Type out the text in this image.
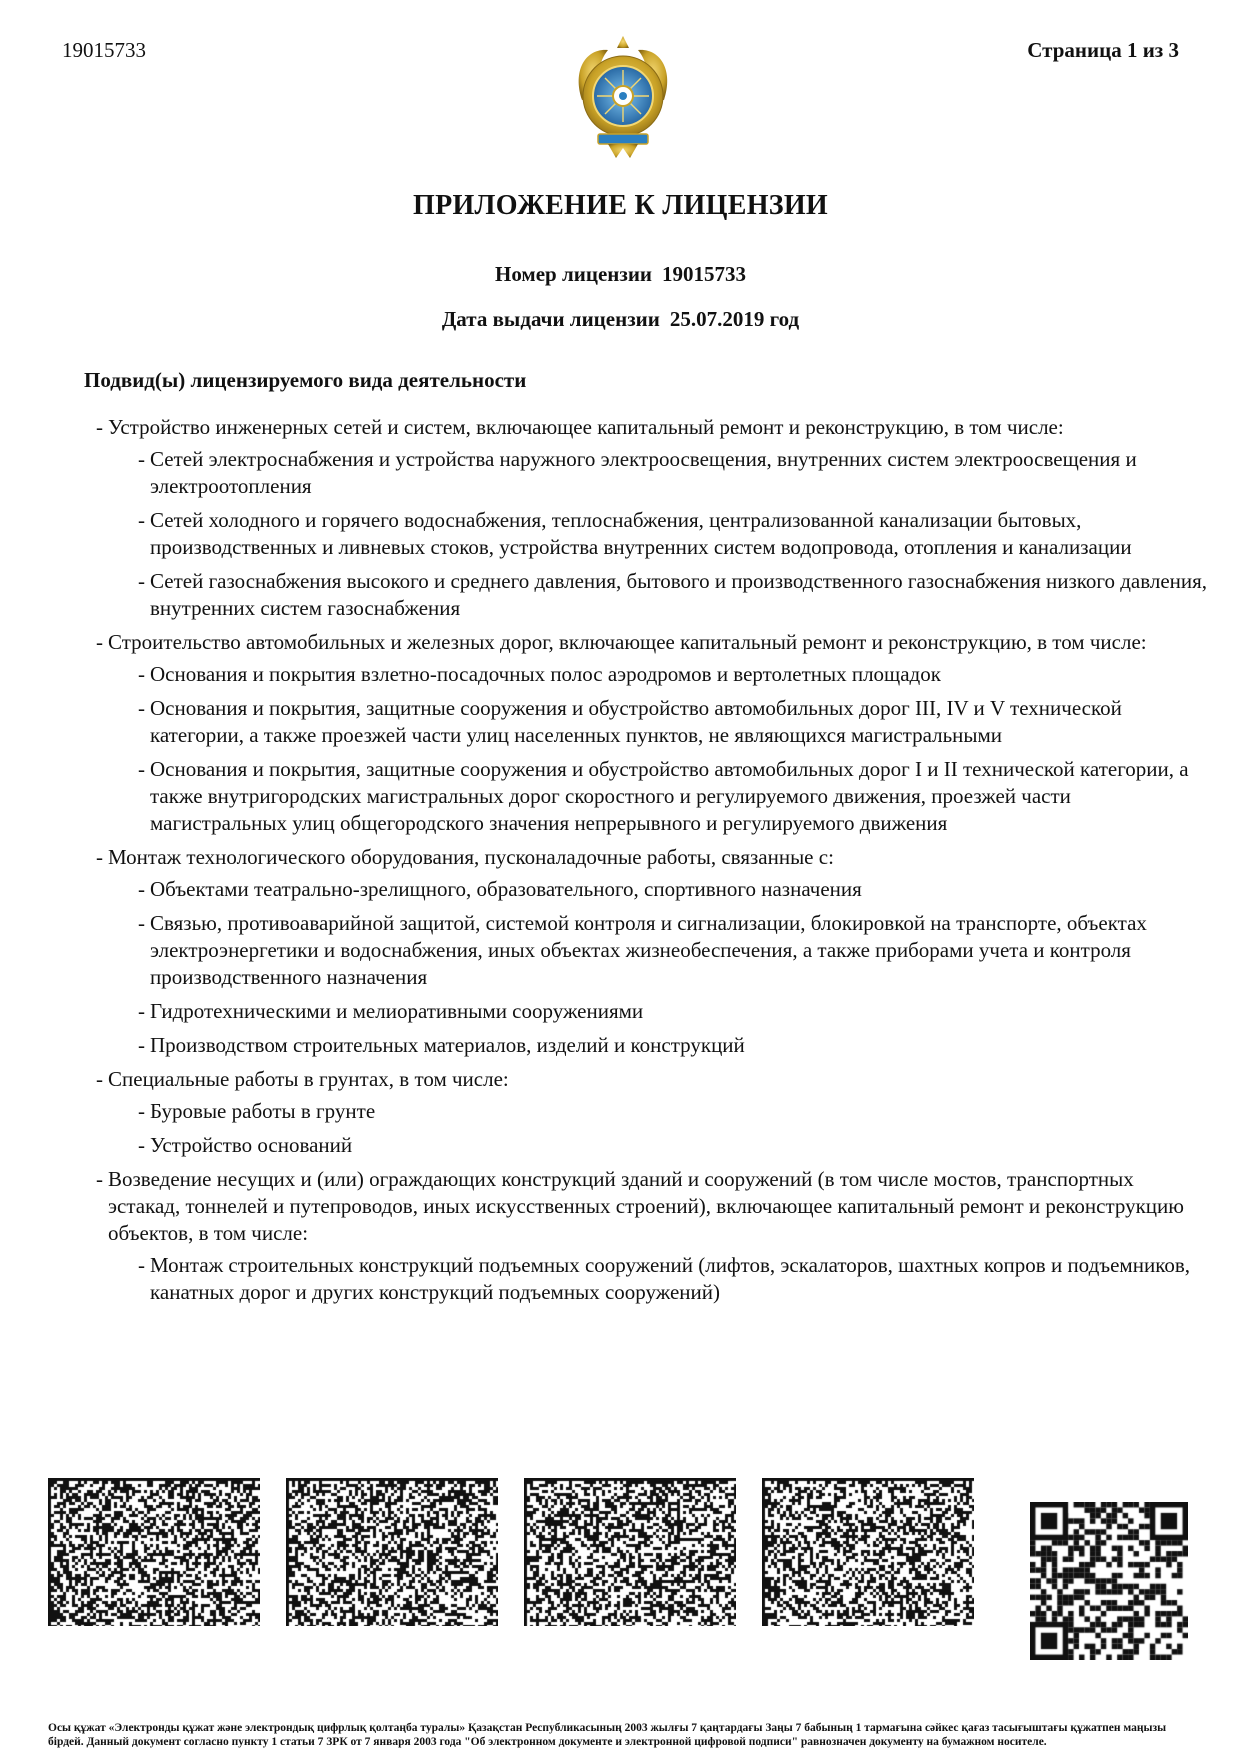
19015733	Страница 1 из 3
ПРИЛОЖЕНИЕ К ЛИЦЕНЗИИ
Номер лицензии 19015733
Дата выдачи лицензии 25.07.2019 год
Подвид(ы) лицензируемого вида деятельности
- Устройство инженерных сетей и систем, включающее капитальный ремонт и реконструкцию, в том числе:
- Сетей электроснабжения и устройства наружного электроосвещения, внутренних систем электроосвещения и электроотопления
- Сетей холодного и горячего водоснабжения, теплоснабжения, централизованной канализации бытовых, производственных и ливневых стоков, устройства внутренних систем водопровода, отопления и канализации
- Сетей газоснабжения высокого и среднего давления, бытового и производственного газоснабжения низкого давления, внутренних систем газоснабжения
- Строительство автомобильных и железных дорог, включающее капитальный ремонт и реконструкцию, в том числе:
- Основания и покрытия взлетно-посадочных полос аэродромов и вертолетных площадок
- Основания и покрытия, защитные сооружения и обустройство автомобильных дорог III, IV и V технической категории, а также проезжей части улиц населенных пунктов, не являющихся магистральными
- Основания и покрытия, защитные сооружения и обустройство автомобильных дорог I и II технической категории, а также внутригородских магистральных дорог скоростного и регулируемого движения, проезжей части магистральных улиц общегородского значения непрерывного и регулируемого движения
- Монтаж технологического оборудования, пусконаладочные работы, связанные с:
- Объектами театрально-зрелищного, образовательного, спортивного назначения
- Связью, противоаварийной защитой, системой контроля и сигнализации, блокировкой на транспорте, объектах электроэнергетики и водоснабжения, иных объектах жизнеобеспечения, а также приборами учета и контроля производственного назначения
- Гидротехническими и мелиоративными сооружениями
- Производством строительных материалов, изделий и конструкций
- Специальные работы в грунтах, в том числе:
- Буровые работы в грунте
- Устройство оснований
- Возведение несущих и (или) ограждающих конструкций зданий и сооружений (в том числе мостов, транспортных эстакад, тоннелей и путепроводов, иных искусственных строений), включающее капитальный ремонт и реконструкцию объектов, в том числе:
- Монтаж строительных конструкций подъемных сооружений (лифтов, эскалаторов, шахтных копров и подъемников, канатных дорог и других конструкций подъемных сооружений)
Осы құжат «Электронды құжат және электрондық цифрлық қолтаңба туралы» Қазақстан Республикасының 2003 жылғы 7 қаңтардағы Заңы 7 бабының 1 тармағына сәйкес қағаз тасығыштағы құжатпен маңызы бірдей. Данный документ согласно пункту 1 статьи 7 ЗРК от 7 января 2003 года "Об электронном документе и электронной цифровой подписи" равнозначен документу на бумажном носителе.
